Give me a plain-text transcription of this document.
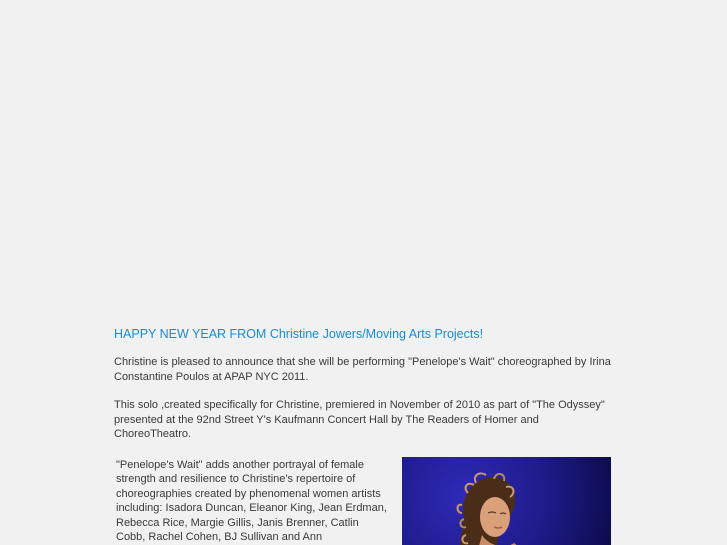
HAPPY NEW YEAR FROM Christine Jowers/Moving Arts Projects!

Christine is pleased to announce that she will be performing "Penelope's Wait" choreographed by Irina Constantine Poulos at APAP NYC 2011.

This solo ,created specifically for Christine, premiered in November of 2010 as part of "The Odyssey" presented at the 92nd Street Y's Kaufmann Concert Hall by The Readers of Homer and ChoreoTheatro.

"Penelope's Wait" adds another portrayal of female strength and resilience to Christine's repertoire of choreographies created by phenomenal women artists including: Isadora Duncan, Eleanor King, Jean Erdman, Rebecca Rice, Margie Gillis, Janis Brenner, Catlin Cobb, Rachel Cohen, BJ Sullivan and Ann
